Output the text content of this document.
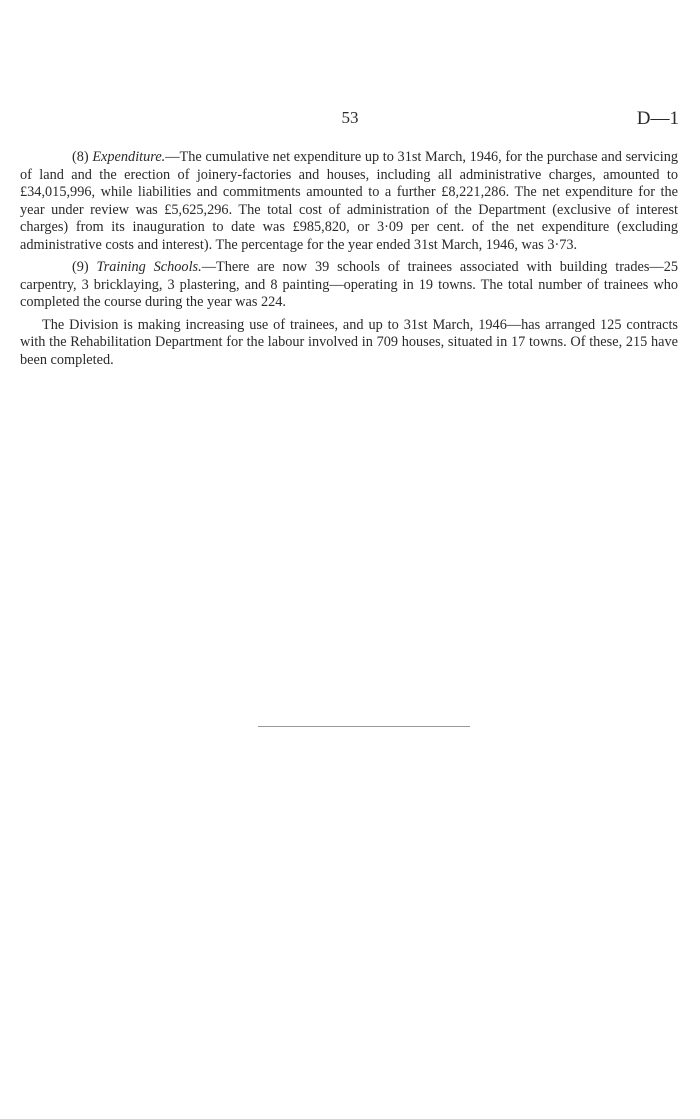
53	D—1

(8) Expenditure.—The cumulative net expenditure up to 31st March, 1946, for the purchase and servicing of land and the erection of joinery-factories and houses, including all administrative charges, amounted to £34,015,996, while liabilities and commitments amounted to a further £8,221,286. The net expenditure for the year under review was £5,625,296. The total cost of administration of the Department (exclusive of interest charges) from its inauguration to date was £985,820, or 3·09 per cent. of the net expenditure (excluding administrative costs and interest). The percentage for the year ended 31st March, 1946, was 3·73.

(9) Training Schools.—There are now 39 schools of trainees associated with building trades—25 carpentry, 3 bricklaying, 3 plastering, and 8 painting—operating in 19 towns. The total number of trainees who completed the course during the year was 224.

The Division is making increasing use of trainees, and up to 31st March, 1946—has arranged 125 contracts with the Rehabilitation Department for the labour involved in 709 houses, situated in 17 towns. Of these, 215 have been completed.
